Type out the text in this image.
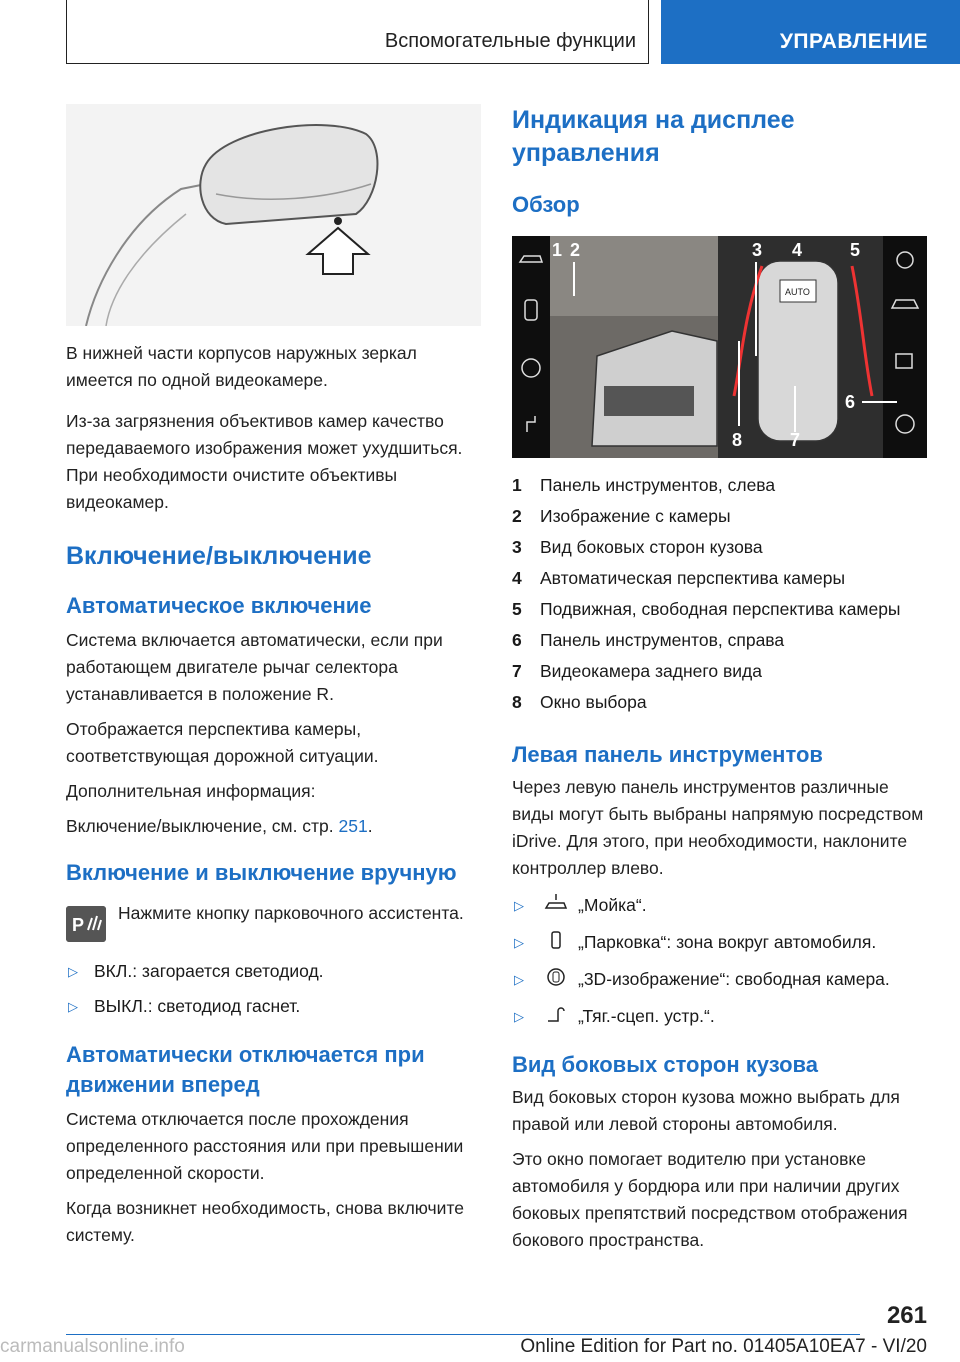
Вспомогательные функции	УПРАВЛЕНИЕ

В нижней части корпусов наружных зеркал имеется по одной видеокамере.

Из-за загрязнения объективов камер качество передаваемого изображения может ухудшиться. При необходимости очистите объективы видеокамер.

Включение/выключение
Автоматическое включение

Система включается автоматически, если при работающем двигателе рычаг селектора устанавливается в положение R.

Отображается перспектива камеры, соответствующая дорожной ситуации.

Дополнительная информация:

Включение/выключение, см. стр. 251.

Включение и выключение вручную
P

Нажмите кнопку парковочного ассистента.

▷ ВКЛ.: загорается светодиод.
▷ ВЫКЛ.: светодиод гаснет.
Автоматически отключается при движении вперед

Система отключается после прохождения определенного расстояния или при превышении определенной скорости.

Когда возникнет необходимость, снова включите систему.

Индикация на дисплее управления
Обзор
AUTO
1 2	3 4	5
6
7
8
1	Панель инструментов, слева
2	Изображение с камеры
3	Вид боковых сторон кузова
4	Автоматическая перспектива камеры
5	Подвижная, свободная перспектива камеры
6	Панель инструментов, справа
7	Видеокамера заднего вида
8	Окно выбора
Левая панель инструментов

Через левую панель инструментов различные виды могут быть выбраны напрямую посредством iDrive. Для этого, при необходимости, наклоните контроллер влево.

▷	„Мойка“.
▷	„Парковка“: зона вокруг автомобиля.
▷	„3D-изображение“: свободная камера.
▷	„Тяг.-сцеп. устр.“.
Вид боковых сторон кузова

Вид боковых сторон кузова можно выбрать для правой или левой стороны автомобиля.

Это окно помогает водителю при установке автомобиля у бордюра или при наличии других боковых препятствий посредством отображения бокового пространства.

261
carmanualsonline.info	Online Edition for Part no. 01405A10EA7 - VI/20
